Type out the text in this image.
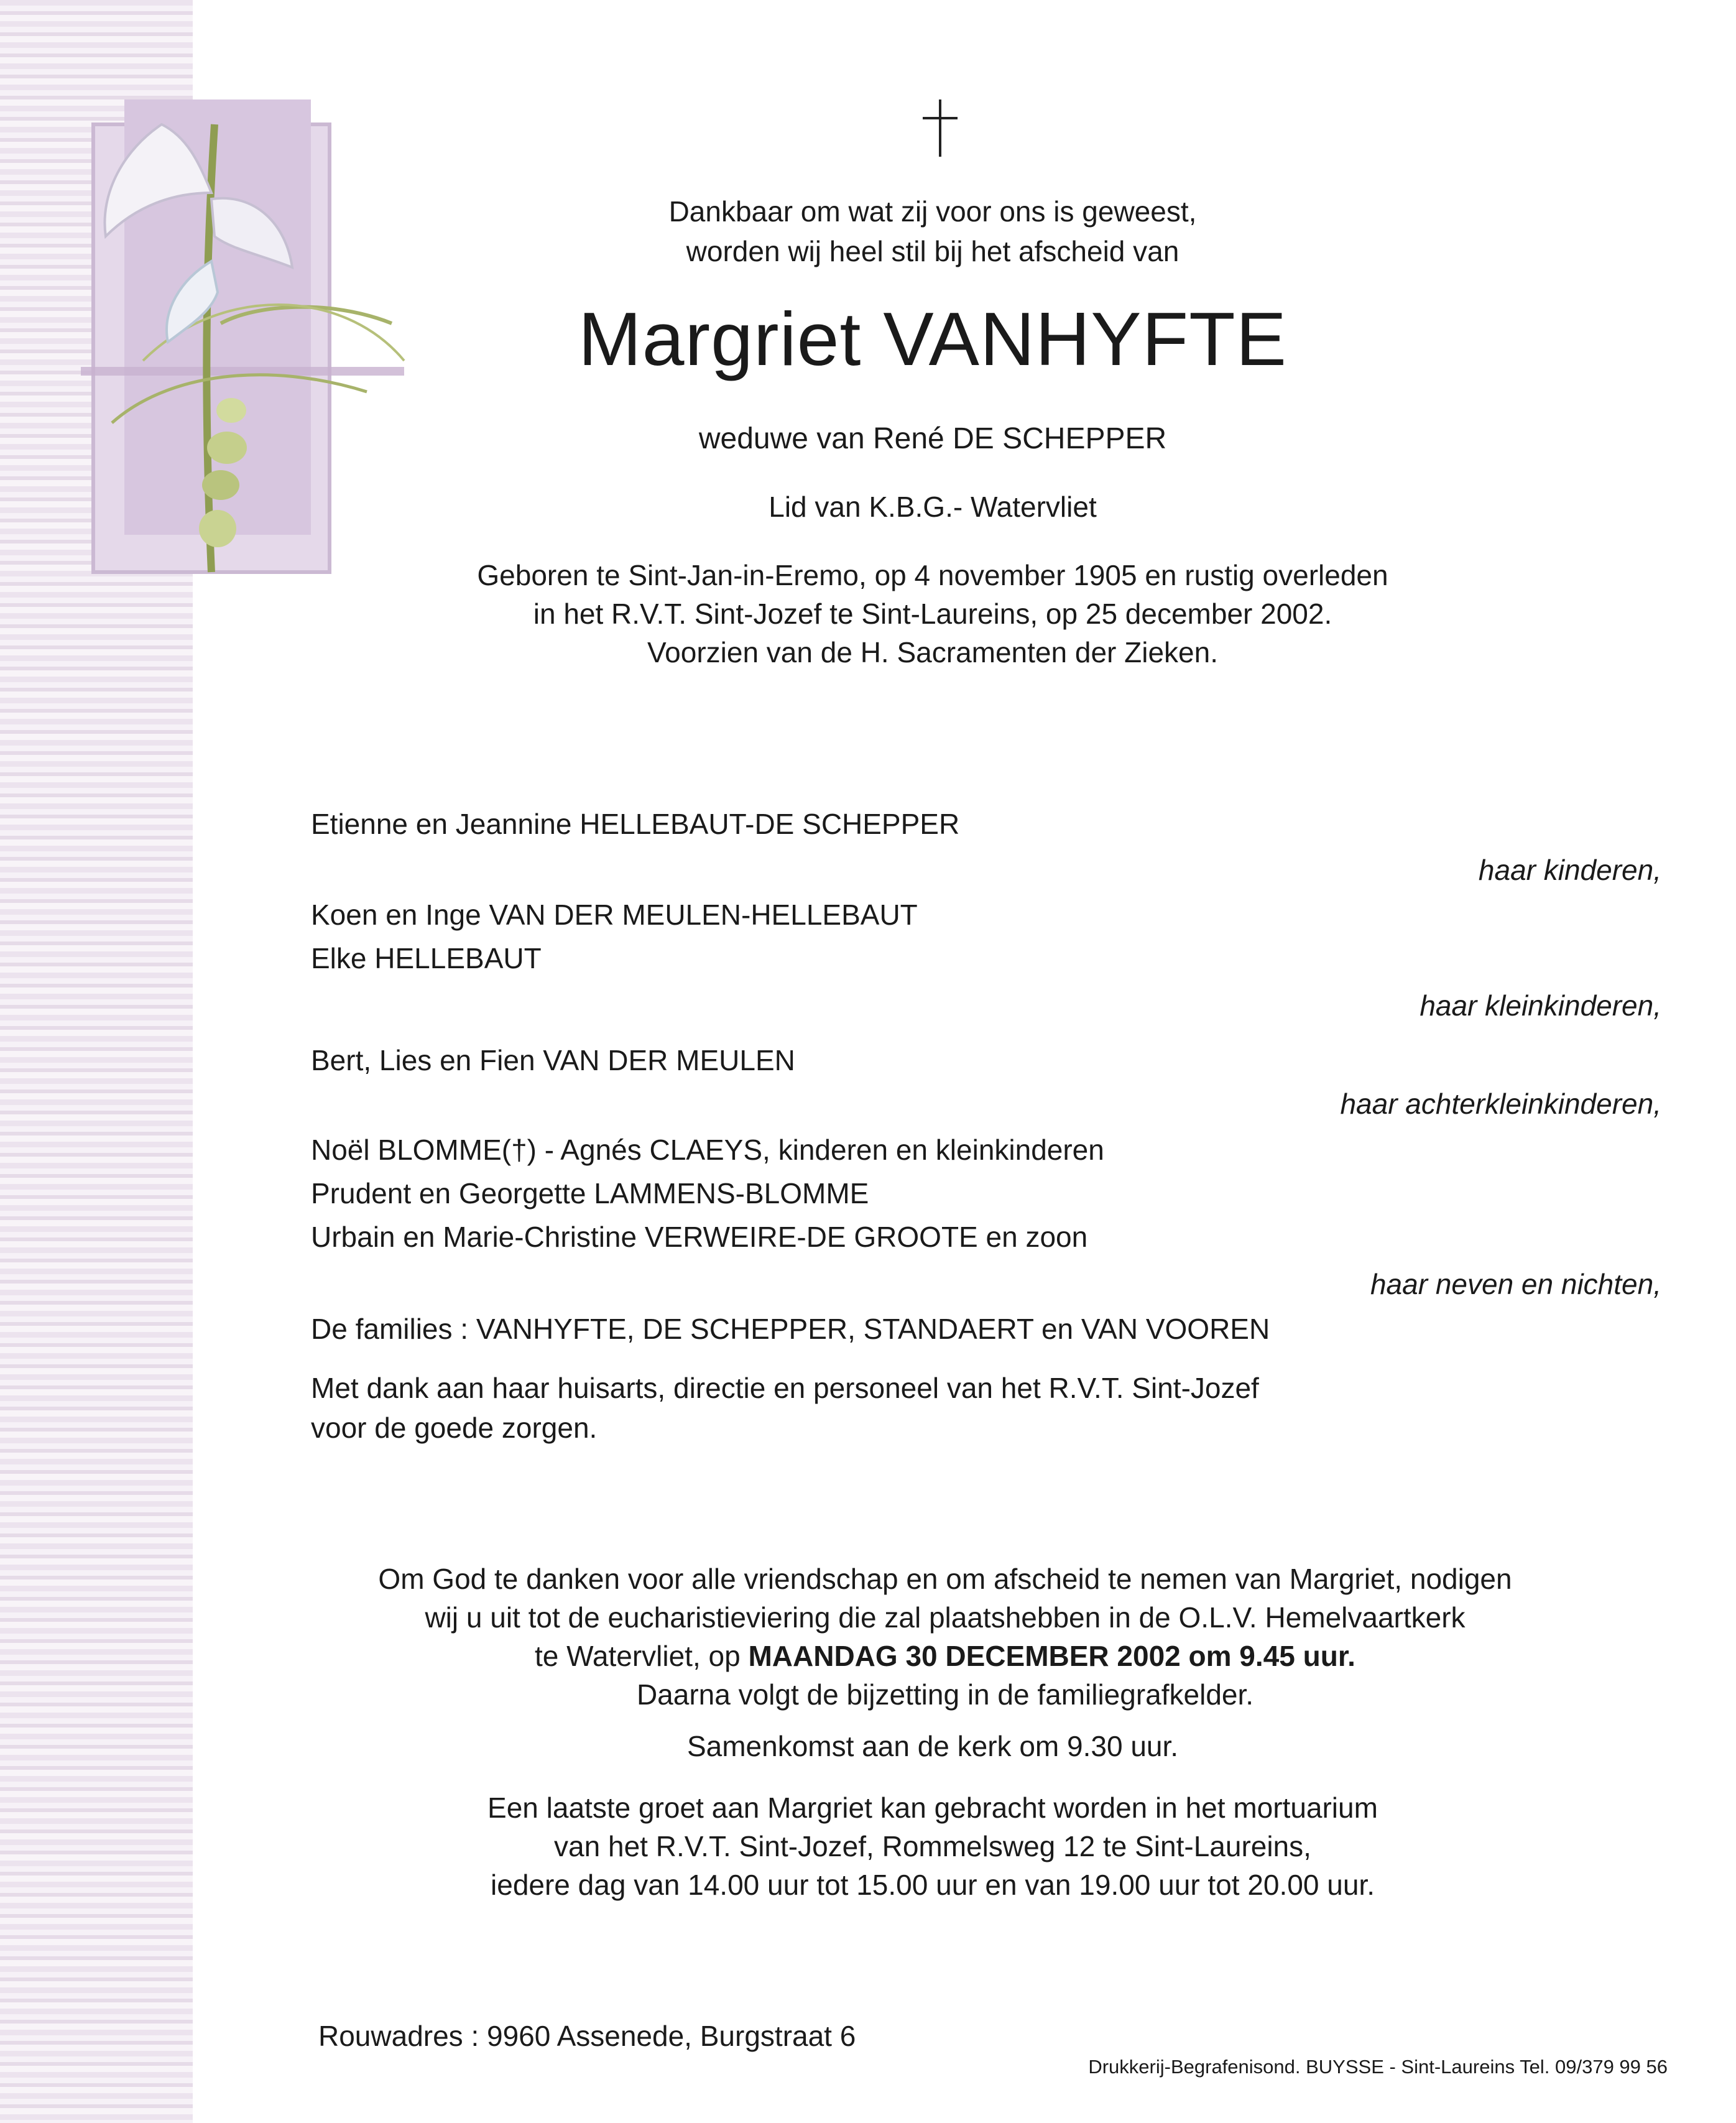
Dankbaar om wat zij voor ons is geweest,
worden wij heel stil bij het afscheid van
Margriet VANHYFTE
weduwe van René DE SCHEPPER
Lid van K.B.G.- Watervliet
Geboren te Sint-Jan-in-Eremo, op 4 november 1905 en rustig overleden
in het R.V.T. Sint-Jozef te Sint-Laureins, op 25 december 2002.
Voorzien van de H. Sacramenten der Zieken.
Etienne en Jeannine HELLEBAUT-DE SCHEPPER
haar kinderen,
Koen en Inge VAN DER MEULEN-HELLEBAUT
Elke HELLEBAUT
haar kleinkinderen,
Bert, Lies en Fien VAN DER MEULEN
haar achterkleinkinderen,
Noël BLOMME(†) - Agnés CLAEYS, kinderen en kleinkinderen
Prudent en Georgette LAMMENS-BLOMME
Urbain en Marie-Christine VERWEIRE-DE GROOTE en zoon
haar neven en nichten,
De families : VANHYFTE, DE SCHEPPER, STANDAERT en VAN VOOREN
Met dank aan haar huisarts, directie en personeel van het R.V.T. Sint-Jozef
voor de goede zorgen.
Om God te danken voor alle vriendschap en om afscheid te nemen van Margriet, nodigen
wij u uit tot de eucharistieviering die zal plaatshebben in de O.L.V. Hemelvaartkerk
te Watervliet, op MAANDAG 30 DECEMBER 2002 om 9.45 uur.
Daarna volgt de bijzetting in de familiegrafkelder.
Samenkomst aan de kerk om 9.30 uur.
Een laatste groet aan Margriet kan gebracht worden in het mortuarium
van het R.V.T. Sint-Jozef, Rommelsweg 12 te Sint-Laureins,
iedere dag van 14.00 uur tot 15.00 uur en van 19.00 uur tot 20.00 uur.
Rouwadres : 9960 Assenede, Burgstraat 6
Drukkerij-Begrafenisond. BUYSSE - Sint-Laureins Tel. 09/379 99 56
